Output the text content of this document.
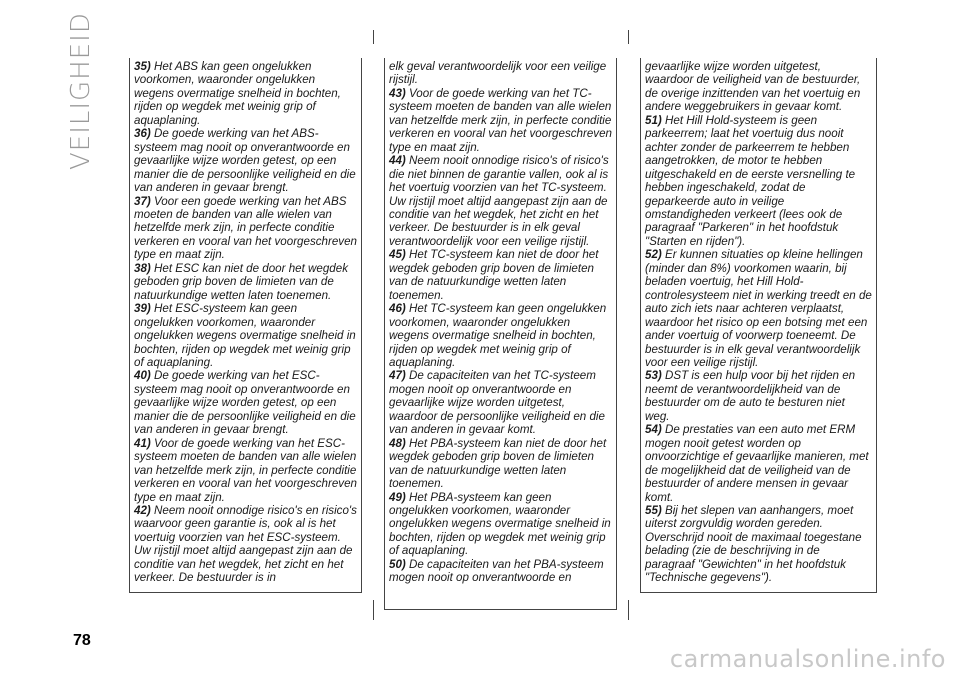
VEILIGHEID	35) Het ABS kan geen ongelukken voorkomen, waaronder ongelukken wegens overmatige snelheid in bochten, rijden op wegdek met weinig grip of aquaplaning.

36) De goede werking van het ABS-systeem mag nooit op onverantwoorde en gevaarlijke wijze worden getest, op een manier die de persoonlijke veiligheid en die van anderen in gevaar brengt.

37) Voor een goede werking van het ABS moeten de banden van alle wielen van hetzelfde merk zijn, in perfecte conditie verkeren en vooral van het voorgeschreven type en maat zijn.

38) Het ESC kan niet de door het wegdek geboden grip boven de limieten van de natuurkundige wetten laten toenemen.

39) Het ESC-systeem kan geen ongelukken voorkomen, waaronder ongelukken wegens overmatige snelheid in bochten, rijden op wegdek met weinig grip of aquaplaning.

40) De goede werking van het ESC-systeem mag nooit op onverantwoorde en gevaarlijke wijze worden getest, op een manier die de persoonlijke veiligheid en die van anderen in gevaar brengt.

41) Voor de goede werking van het ESC-systeem moeten de banden van alle wielen van hetzelfde merk zijn, in perfecte conditie verkeren en vooral van het voorgeschreven type en maat zijn.

42) Neem nooit onnodige risico's en risico's waarvoor geen garantie is, ook al is het voertuig voorzien van het ESC-systeem. Uw rijstijl moet altijd aangepast zijn aan de conditie van het wegdek, het zicht en het verkeer. De bestuurder is in

elk geval verantwoordelijk voor een veilige rijstijl.

43) Voor de goede werking van het TC-systeem moeten de banden van alle wielen van hetzelfde merk zijn, in perfecte conditie verkeren en vooral van het voorgeschreven type en maat zijn.

44) Neem nooit onnodige risico's of risico's die niet binnen de garantie vallen, ook al is het voertuig voorzien van het TC-systeem. Uw rijstijl moet altijd aangepast zijn aan de conditie van het wegdek, het zicht en het verkeer. De bestuurder is in elk geval verantwoordelijk voor een veilige rijstijl.

45) Het TC-systeem kan niet de door het wegdek geboden grip boven de limieten van de natuurkundige wetten laten toenemen.

46) Het TC-systeem kan geen ongelukken voorkomen, waaronder ongelukken wegens overmatige snelheid in bochten, rijden op wegdek met weinig grip of aquaplaning.

47) De capaciteiten van het TC-systeem mogen nooit op onverantwoorde en gevaarlijke wijze worden uitgetest, waardoor de persoonlijke veiligheid en die van anderen in gevaar komt.

48) Het PBA-systeem kan niet de door het wegdek geboden grip boven de limieten van de natuurkundige wetten laten toenemen.

49) Het PBA-systeem kan geen ongelukken voorkomen, waaronder ongelukken wegens overmatige snelheid in bochten, rijden op wegdek met weinig grip of aquaplaning.

50) De capaciteiten van het PBA-systeem mogen nooit op onverantwoorde en

gevaarlijke wijze worden uitgetest, waardoor de veiligheid van de bestuurder, de overige inzittenden van het voertuig en andere weggebruikers in gevaar komt.

51) Het Hill Hold-systeem is geen parkeerrem; laat het voertuig dus nooit achter zonder de parkeerrem te hebben aangetrokken, de motor te hebben uitgeschakeld en de eerste versnelling te hebben ingeschakeld, zodat de geparkeerde auto in veilige omstandigheden verkeert (lees ook de paragraaf "Parkeren" in het hoofdstuk "Starten en rijden").

52) Er kunnen situaties op kleine hellingen (minder dan 8%) voorkomen waarin, bij beladen voertuig, het Hill Hold-controlesysteem niet in werking treedt en de auto zich iets naar achteren verplaatst, waardoor het risico op een botsing met een ander voertuig of voorwerp toeneemt. De bestuurder is in elk geval verantwoordelijk voor een veilige rijstijl.

53) DST is een hulp voor bij het rijden en neemt de verantwoordelijkheid van de bestuurder om de auto te besturen niet weg.

54) De prestaties van een auto met ERM mogen nooit getest worden op onvoorzichtige ef gevaarlijke manieren, met de mogelijkheid dat de veiligheid van de bestuurder of andere mensen in gevaar komt.

55) Bij het slepen van aanhangers, moet uiterst zorgvuldig worden gereden. Overschrijd nooit de maximaal toegestane belading (zie de beschrijving in de paragraaf "Gewichten" in het hoofdstuk "Technische gegevens").

78
carmanualsonline.info
